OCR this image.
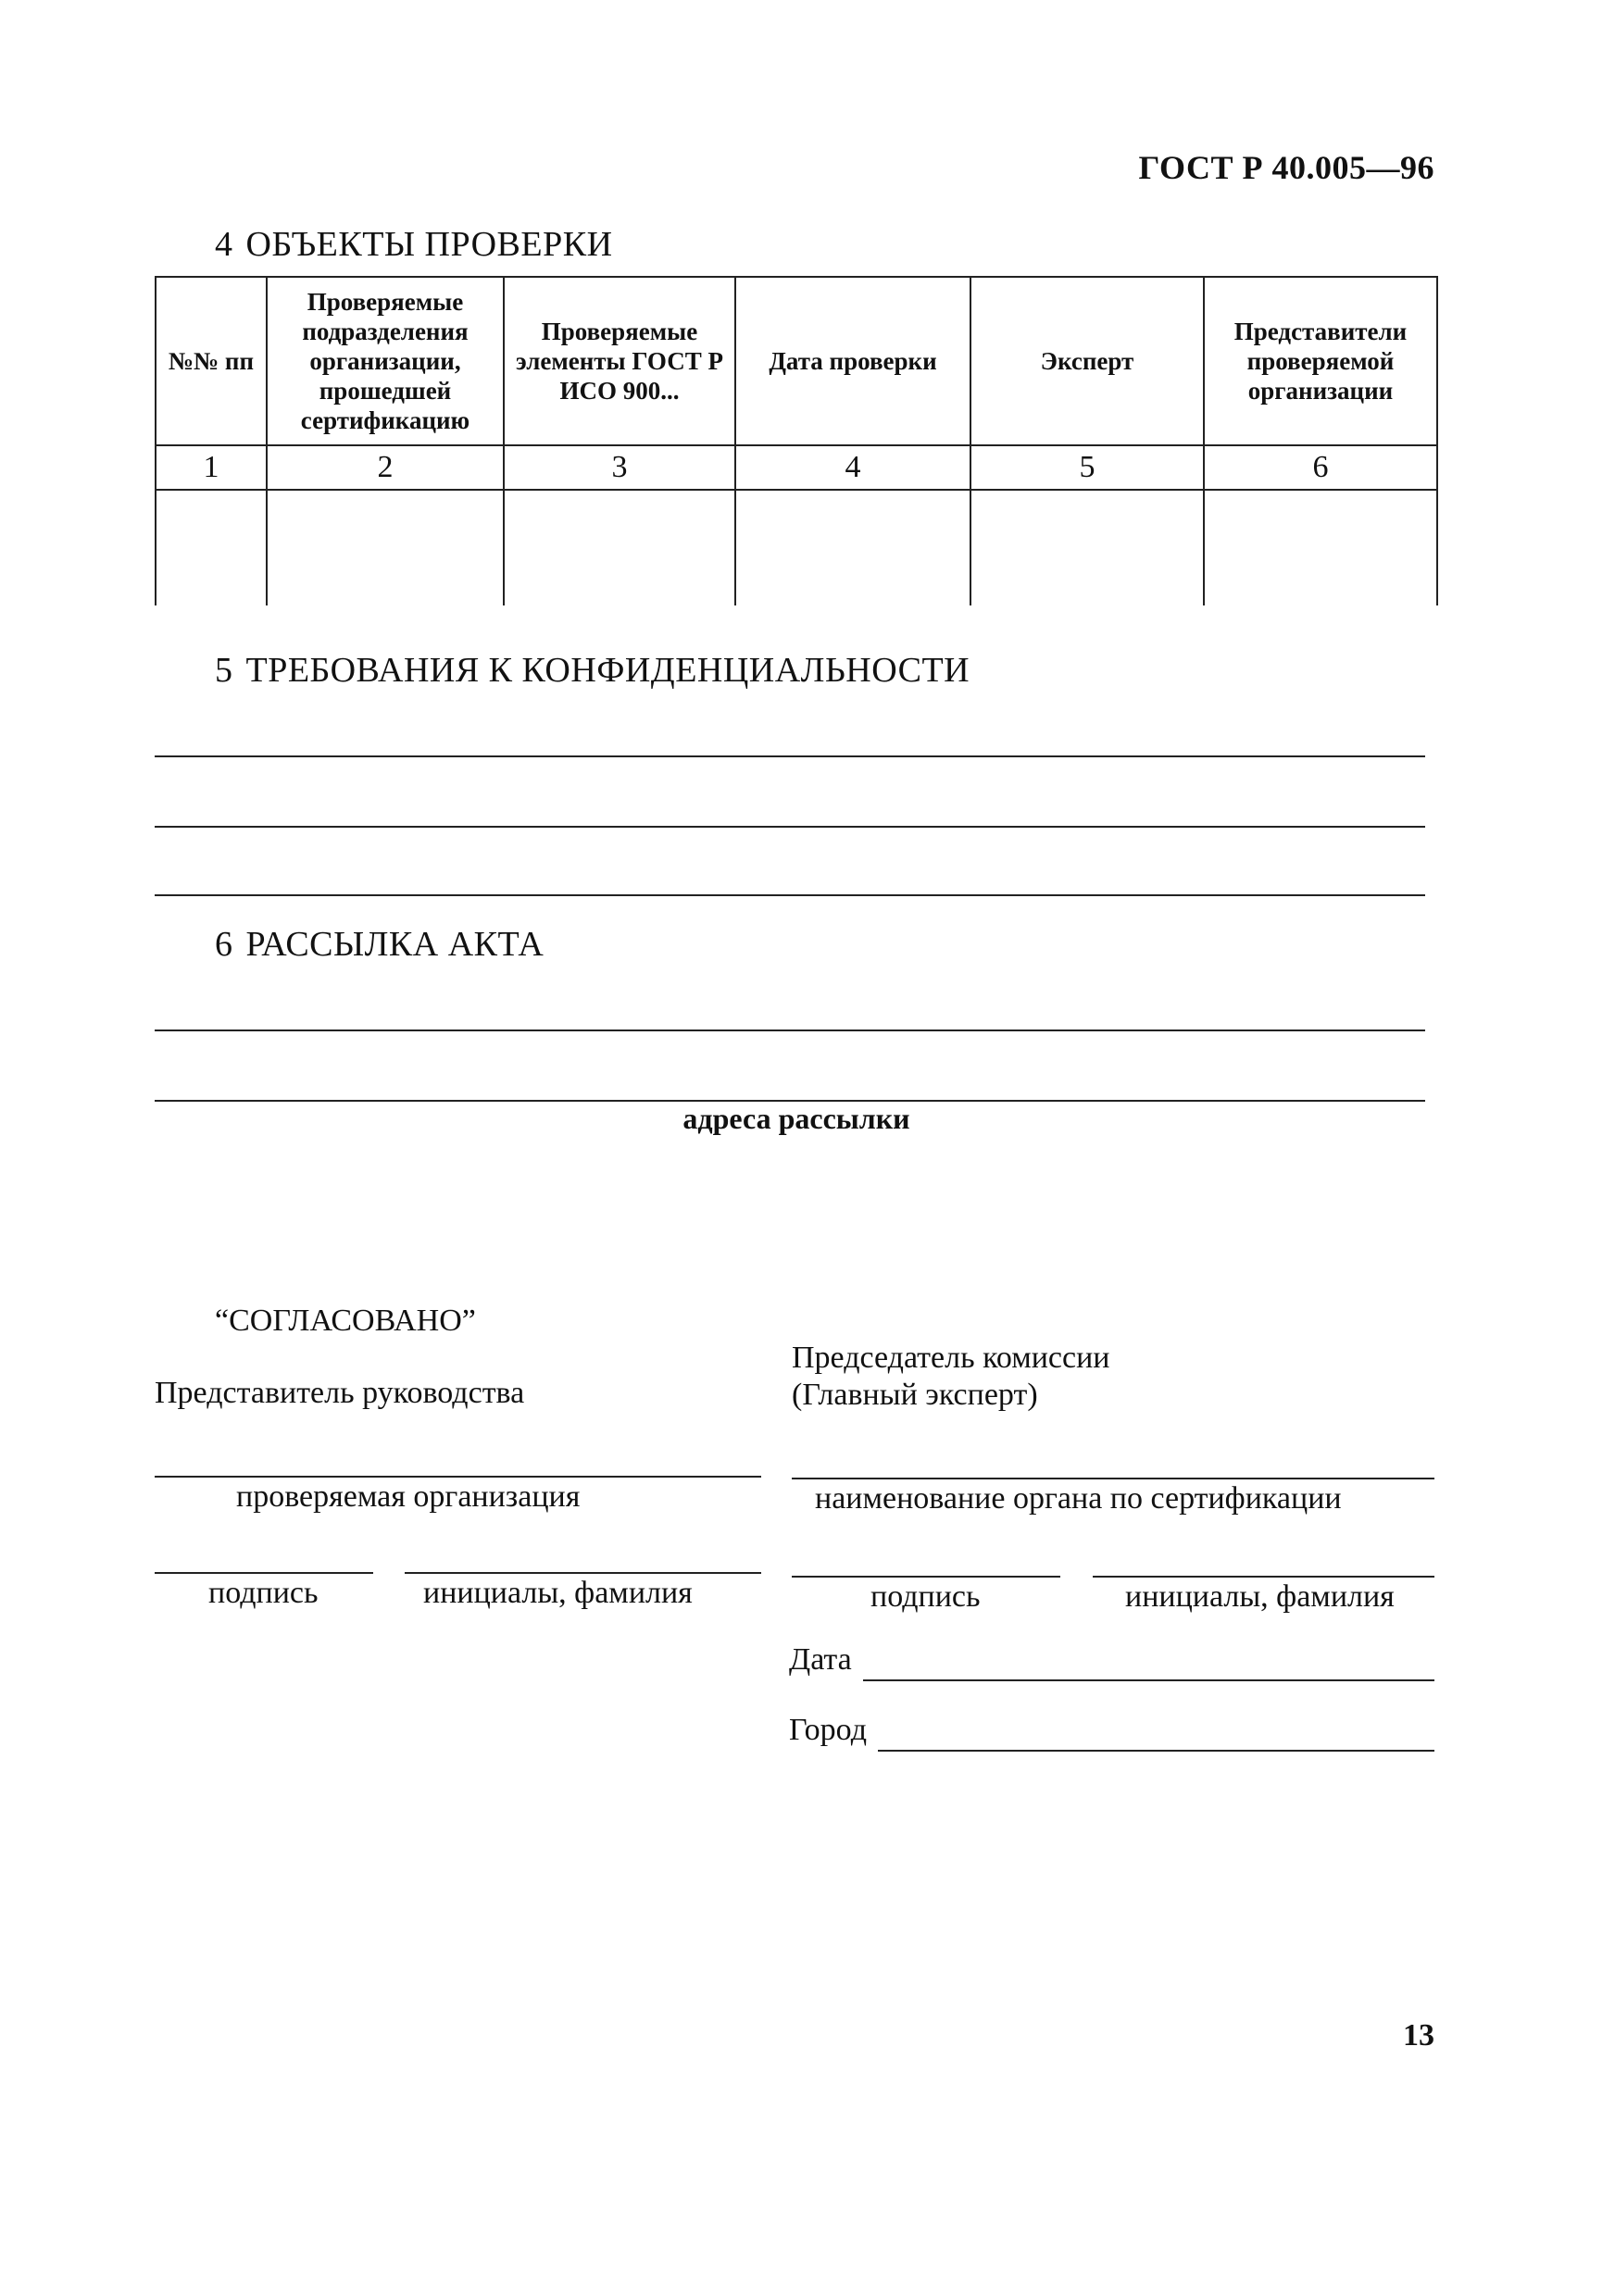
ГОСТ Р 40.005—96
4 ОБЪЕКТЫ ПРОВЕРКИ
№№ пп	Проверяемые подразделения организации, прошедшей сертификацию	Проверяемые элементы ГОСТ Р ИСО 900...	Дата проверки	Эксперт	Представители проверяемой организации
1	2	3	4	5	6

5 ТРЕБОВАНИЯ К КОНФИДЕНЦИАЛЬНОСТИ
6 РАССЫЛКА АКТА
адреса рассылки
“СОГЛАСОВАНО”
Представитель руководства
Председатель комиссии
(Главный эксперт)
проверяемая организация	наименование органа по сертификации
подпись	инициалы, фамилия	подпись	инициалы, фамилия
Дата
Город
13
